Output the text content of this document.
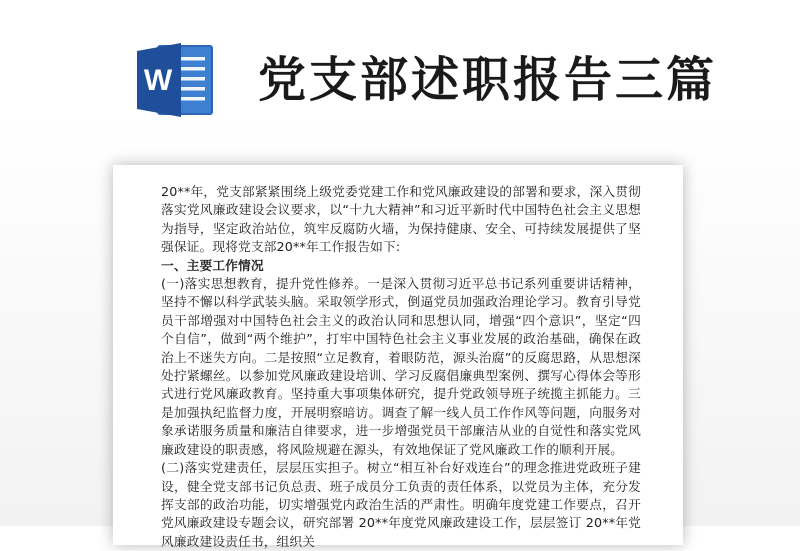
W 党支部述职报告三篇

20**年，党支部紧紧围绕上级党委党建工作和党风廉政建设的部署和要求，深入贯彻落实党风廉政建设会议要求，以“十九大精神”和习近平新时代中国特色社会主义思想为指导，坚定政治站位，筑牢反腐防火墙，为保持健康、安全、可持续发展提供了坚强保证。现将党支部20**年工作报告如下:

一、主要工作情况

(一)落实思想教育，提升党性修养。一是深入贯彻习近平总书记系列重要讲话精神，坚持不懈以科学武装头脑。采取领学形式，倒逼党员加强政治理论学习。教育引导党员干部增强对中国特色社会主义的政治认同和思想认同，增强“四个意识”，坚定“四个自信”，做到“两个维护”，打牢中国特色社会主义事业发展的政治基础，确保在政治上不迷失方向。二是按照“立足教育，着眼防范，源头治腐”的反腐思路，从思想深处拧紧螺丝。以参加党风廉政建设培训、学习反腐倡廉典型案例、撰写心得体会等形式进行党风廉政教育。坚持重大事项集体研究，提升党政领导班子统揽主抓能力。三是加强执纪监督力度，开展明察暗访。调查了解一线人员工作作风等问题，向服务对象承诺服务质量和廉洁自律要求，进一步增强党员干部廉洁从业的自觉性和落实党风廉政建设的职责感，将风险规避在源头，有效地保证了党风廉政工作的顺利开展。

(二)落实党建责任，层层压实担子。树立“相互补台好戏连台”的理念推进党政班子建设，健全党支部书记负总责、班子成员分工负责的责任体系，以党员为主体，充分发挥支部的政治功能，切实增强党内政治生活的严肃性。明确年度党建工作要点，召开党风廉政建设专题会议，研究部署 20**年度党风廉政建设工作，层层签订 20**年党风廉政建设责任书，组织关
